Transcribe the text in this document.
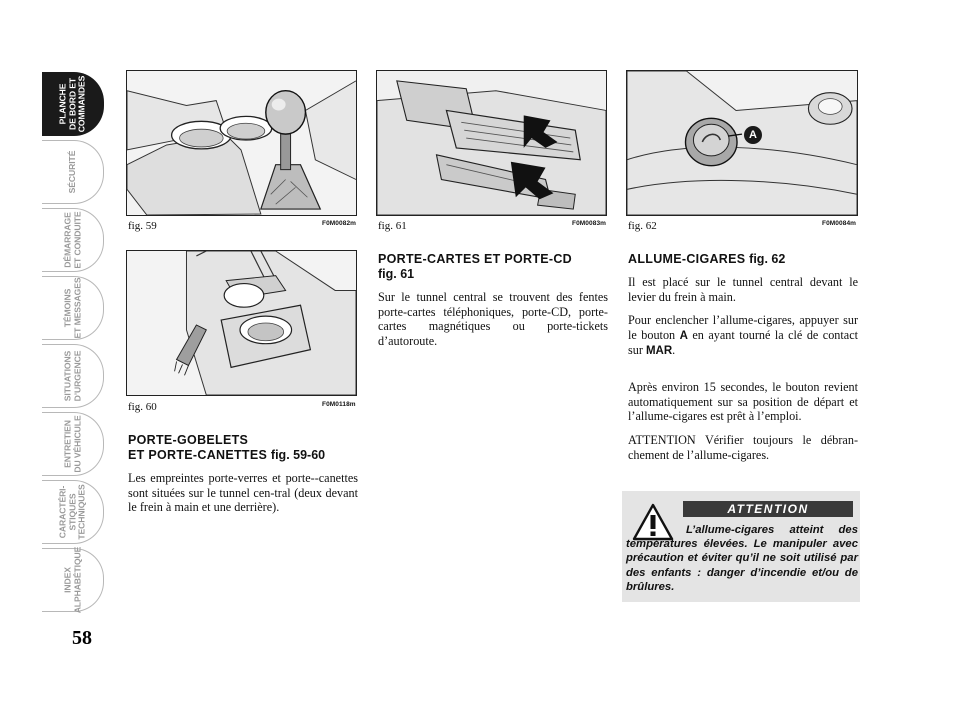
PLANCHE
DE BORD ET
COMMANDES
SÉCURITÉ
DÉMARRAGE
ET CONDUITE
TÉMOINS
ET MESSAGES
SITUATIONS
D’URGENCE
ENTRETIEN
DU VÉHICULE
CARACTÉRI-
STIQUES
TECHNIQUES
INDEX
ALPHABÉTIQUE
58
fig. 59	F0M0082m
fig. 60	F0M0118m
fig. 61	F0M0083m
A
fig. 62	F0M0084m
PORTE-GOBELETS
ET PORTE-CANETTES fig. 59-60

Les empreintes porte-verres et porte--canettes sont situées sur le tunnel cen-tral (deux devant le frein à main et une derrière).

PORTE-CARTES ET PORTE-CD
fig. 61

Sur le tunnel central se trouvent des fentes porte-cartes téléphoniques, porte-CD, porte-cartes magnétiques ou porte-tickets d’autoroute.

ALLUME-CIGARES fig. 62

Il est placé sur le tunnel central devant le levier du frein à main.

Pour enclencher l’allume-cigares, appuyer sur le bouton A en ayant tourné la clé de contact sur MAR.

Après environ 15 secondes, le bouton revient automatiquement sur sa position de départ et l’allume-cigares est prêt à l’emploi.

ATTENTION Vérifier toujours le débran-chement de l’allume-cigares.

ATTENTION

L’allume-cigares atteint des températures élevées. Le manipuler avec précaution et éviter qu’il ne soit utilisé par des enfants : danger d’incendie et/ou de brûlures.
